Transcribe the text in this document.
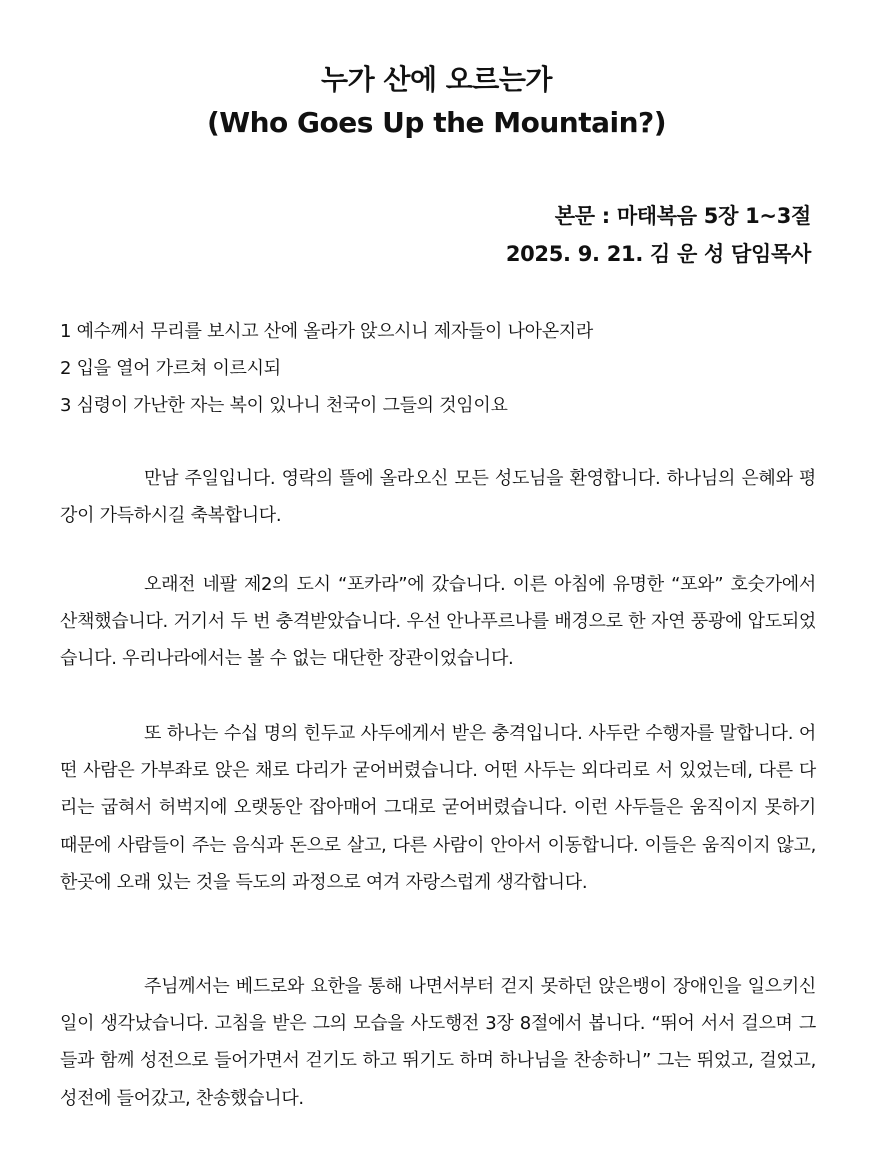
누가 산에 오르는가
(Who Goes Up the Mountain?)
본문 : 마태복음 5장 1~3절
2025. 9. 21. 김 운 성 담임목사
1 예수께서 무리를 보시고 산에 올라가 앉으시니 제자들이 나아온지라
2 입을 열어 가르쳐 이르시되
3 심령이 가난한 자는 복이 있나니 천국이 그들의 것임이요

만남 주일입니다. 영락의 뜰에 올라오신 모든 성도님을 환영합니다. 하나님의 은혜와 평강이 가득하시길 축복합니다.

오래전 네팔 제2의 도시 “포카라”에 갔습니다. 이른 아침에 유명한 “포와” 호숫가에서 산책했습니다. 거기서 두 번 충격받았습니다. 우선 안나푸르나를 배경으로 한 자연 풍광에 압도되었습니다. 우리나라에서는 볼 수 없는 대단한 장관이었습니다.

또 하나는 수십 명의 힌두교 사두에게서 받은 충격입니다. 사두란 수행자를 말합니다. 어떤 사람은 가부좌로 앉은 채로 다리가 굳어버렸습니다. 어떤 사두는 외다리로 서 있었는데, 다른 다리는 굽혀서 허벅지에 오랫동안 잡아매어 그대로 굳어버렸습니다. 이런 사두들은 움직이지 못하기 때문에 사람들이 주는 음식과 돈으로 살고, 다른 사람이 안아서 이동합니다. 이들은 움직이지 않고, 한곳에 오래 있는 것을 득도의 과정으로 여겨 자랑스럽게 생각합니다.

주님께서는 베드로와 요한을 통해 나면서부터 걷지 못하던 앉은뱅이 장애인을 일으키신 일이 생각났습니다. 고침을 받은 그의 모습을 사도행전 3장 8절에서 봅니다. “뛰어 서서 걸으며 그들과 함께 성전으로 들어가면서 걷기도 하고 뛰기도 하며 하나님을 찬송하니” 그는 뛰었고, 걸었고, 성전에 들어갔고, 찬송했습니다.
